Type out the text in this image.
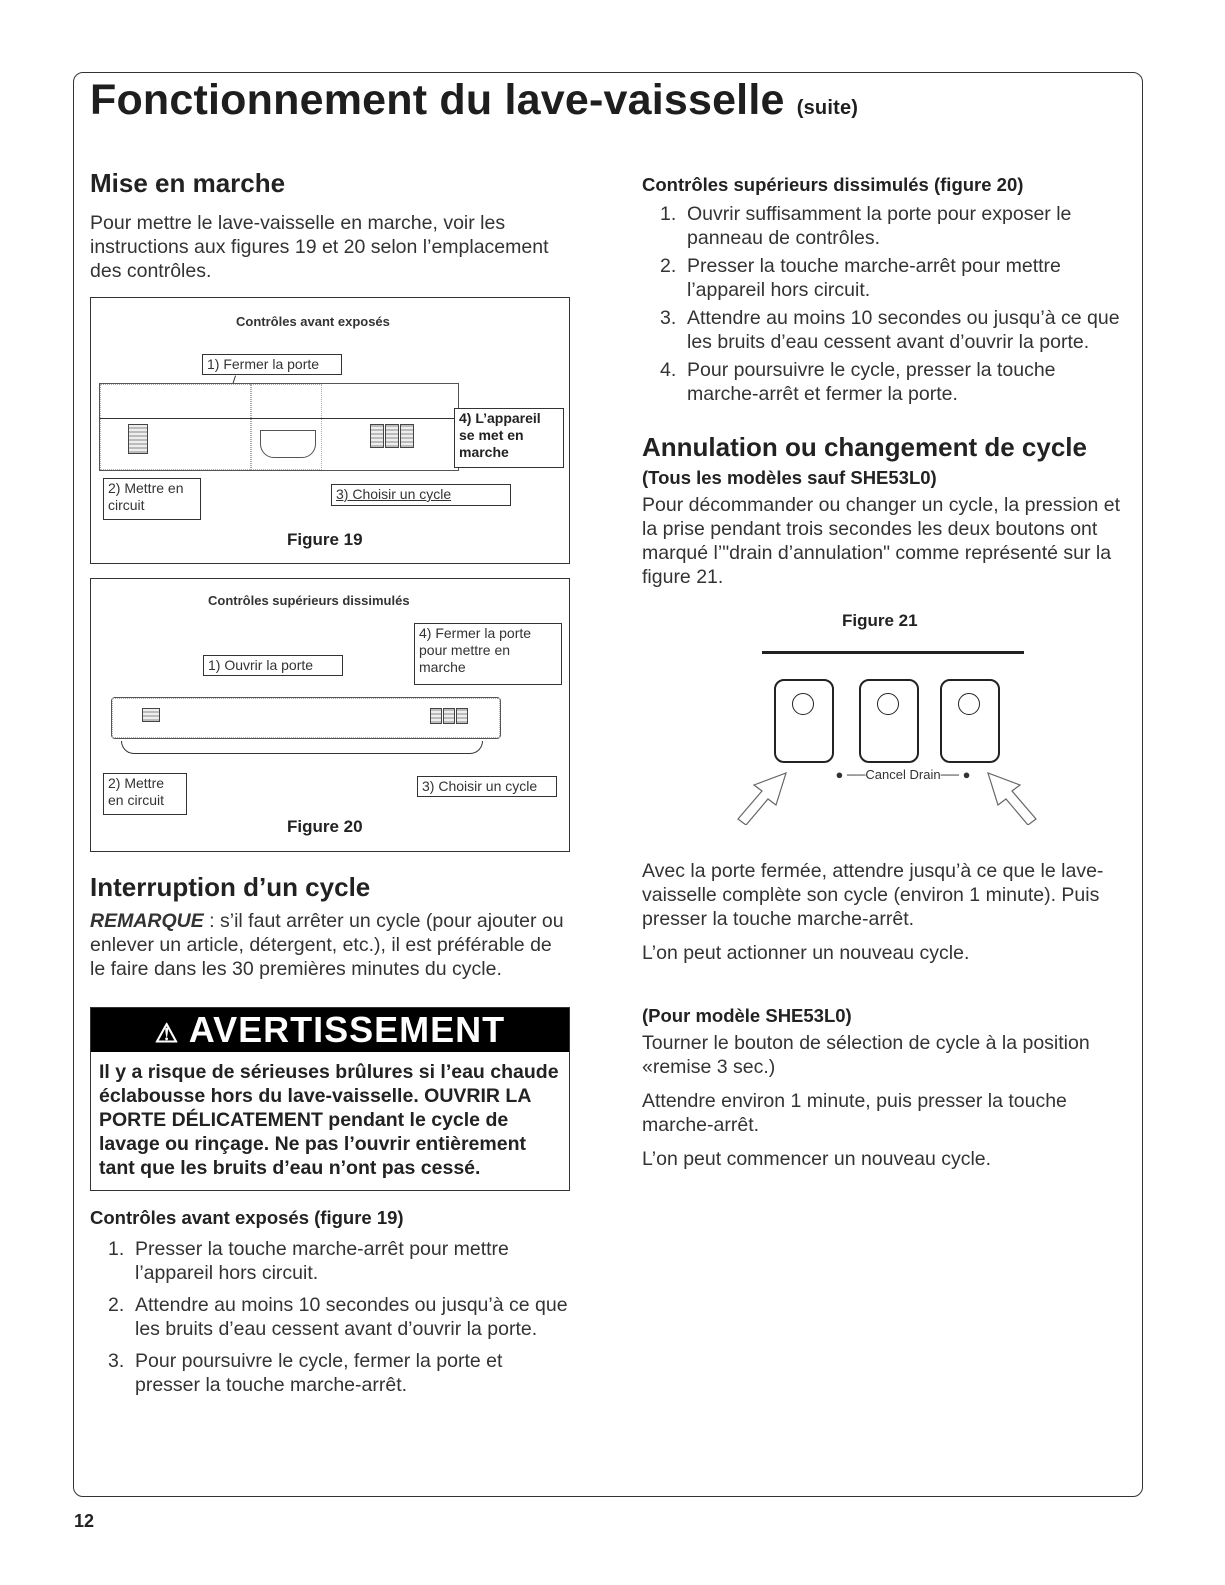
Fonctionnement du lave-vaisselle (suite)
Mise en marche

Pour mettre le lave-vaisselle en marche, voir les instructions aux figures 19 et 20 selon l’emplacement des contrôles.

Contrôles avant exposés
1) Fermer la porte
4) L’appareil se met en marche
2) Mettre en circuit
3) Choisir un cycle
Figure 19
Contrôles supérieurs dissimulés
4) Fermer la porte pour mettre en marche
1) Ouvrir la porte
2) Mettre en circuit
3) Choisir un cycle
Figure 20
Interruption d’un cycle

REMARQUE : s’il faut arrêter un cycle (pour ajouter ou enlever un article, détergent, etc.), il est préférable de le faire dans les 30 premières minutes du cycle.

⚠ AVERTISSEMENT
Il y a risque de sérieuses brûlures si l’eau chaude éclabousse hors du lave-vaisselle. OUVRIR LA PORTE DÉLICATEMENT pendant le cycle de lavage ou rinçage. Ne pas l’ouvrir entièrement tant que les bruits d’eau n’ont pas cessé.
Contrôles avant exposés (figure 19)
1. Presser la touche marche-arrêt pour mettre l’appareil hors circuit.
2. Attendre au moins 10 secondes ou jusqu’à ce que les bruits d’eau cessent avant d’ouvrir la porte.
3. Pour poursuivre le cycle, fermer la porte et presser la touche marche-arrêt.
Contrôles supérieurs dissimulés (figure 20)
1. Ouvrir suffisamment la porte pour exposer le panneau de contrôles.
2. Presser la touche marche-arrêt pour mettre l’appareil hors circuit.
3. Attendre au moins 10 secondes ou jusqu’à ce que les bruits d’eau cessent avant d’ouvrir la porte.
4. Pour poursuivre le cycle, presser la touche marche-arrêt et fermer la porte.
Annulation ou changement de cycle
(Tous les modèles sauf SHE53L0)

Pour décommander ou changer un cycle, la pression et la prise pendant trois secondes les deux boutons ont marqué l’"drain d’annulation" comme représenté sur la figure 21.

Figure 21
● ──Cancel Drain── ●

Avec la porte fermée, attendre jusqu’à ce que le lave-vaisselle complète son cycle (environ 1 minute). Puis presser la touche marche-arrêt.

L’on peut actionner un nouveau cycle.

(Pour modèle SHE53L0)

Tourner le bouton de sélection de cycle à la position «remise 3 sec.)

Attendre environ 1 minute, puis presser la touche marche-arrêt.

L’on peut commencer un nouveau cycle.

12
